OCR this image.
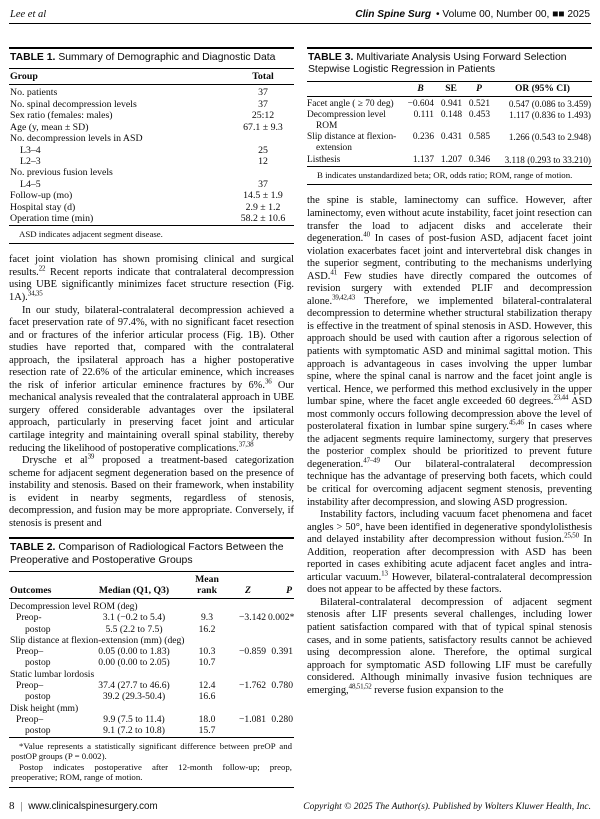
Lee et al	Clin Spine Surg • Volume 00, Number 00, ■■ 2025
TABLE 1. Summary of Demographic and Diagnostic Data
Group	Total
No. patients	37
No. spinal decompression levels	37
Sex ratio (females: males)	25:12
Age (y, mean ± SD)	67.1 ± 9.3
No. decompression levels in ASD	
L3–4	25
L2–3	12
No. previous fusion levels	
L4–5	37
Follow-up (mo)	14.5 ± 1.9
Hospital stay (d)	2.9 ± 1.2
Operation time (min)	58.2 ± 10.6

ASD indicates adjacent segment disease.

facet joint violation has shown promising clinical and surgical results.$^{22}$ Recent reports indicate that contralateral decompression using UBE significantly minimizes facet structure resection (Fig. 1A).$^{34,35}$

In our study, bilateral-contralateral decompression achieved a facet preservation rate of 97.4%, with no significant facet resection and or fractures of the inferior articular process (Fig. 1B). Other studies have reported that, compared with the contralateral approach, the ipsilateral approach has a higher postoperative resection rate of 22.6% of the articular eminence, which increases the risk of inferior articular eminence fractures by 6%.$^{36}$ Our mechanical analysis revealed that the contralateral approach in UBE surgery offered considerable advantages over the ipsilateral approach, particularly in preserving facet joint and articular cartilage integrity and maintaining overall spinal stability, thereby reducing the likelihood of postoperative complications.$^{37,38}$

Drysche et $al^{39}$ proposed a treatment-based categorization scheme for adjacent segment degeneration based on the presence of instability and stenosis. Based on their framework, when instability is evident in nearby segments, regardless of stenosis, decompression, and fusion may be more appropriate. Conversely, if stenosis is present and

TABLE 2. Comparison of Radiological Factors Between the Preoperative and Postoperative Groups
Outcomes	Median (Q1, Q3)	Mean rank	Z	P
Decompression level ROM (deg)				
Preop-	3.1 (−0.2 to 5.4)	9.3	−3.142	0.002*
postop	5.5 (2.2 to 7.5)	16.2		
Slip distance at flexion-extension (mm) (deg)				
Preop–	0.05 (0.00 to 1.83)	10.3	−0.859	0.391
postop	0.00 (0.00 to 2.05)	10.7		
Static lumbar lordosis				
Preop–	37.4 (27.7 to 46.6)	12.4	−1.762	0.780
postop	39.2 (29.3-50.4)	16.6		
Disk height (mm)				
Preop–	9.9 (7.5 to 11.4)	18.0	−1.081	0.280
postop	9.1 (7.2 to 10.8)	15.7		

*Value represents a statistically significant difference between preOP and postOP groups (P = 0.002).

Postop indicates postoperative after 12-month follow-up; preop, preoperative; ROM, range of motion.

TABLE 3. Multivariate Analysis Using Forward Selection Stepwise Logistic Regression in Patients
	B	SE	P	OR (95% CI)
Facet angle ( ≥ 70 deg)	−0.604	0.941	0.521	0.547 (0.086 to 3.459)
Decompression level ROM	0.111	0.148	0.453	1.117 (0.836 to 1.493)
Slip distance at flexion-extension	0.236	0.431	0.585	1.266 (0.543 to 2.948)
Listhesis	1.137	1.207	0.346	3.118 (0.293 to 33.210)

B indicates unstandardized beta; OR, odds ratio; ROM, range of motion.

the spine is stable, laminectomy can suffice. However, after laminectomy, even without acute instability, facet joint resection can transfer the load to adjacent disks and accelerate their degeneration.$^{40}$ In cases of post-fusion ASD, adjacent facet joint violation exacerbates facet joint and intervertebral disk changes in the superior segment, contributing to the mechanisms underlying ASD.$^{41}$ Few studies have directly compared the outcomes of revision surgery with extended PLIF and decompression alone.$^{39,42,43}$ Therefore, we implemented bilateral-contralateral decompression to determine whether structural stabilization therapy is effective in the treatment of spinal stenosis in ASD. However, this approach should be used with caution after a rigorous selection of patients with symptomatic ASD and minimal sagittal motion. This approach is advantageous in cases involving the upper lumbar spine, where the spinal canal is narrow and the facet joint angle is vertical. Hence, we performed this method exclusively in the upper lumbar spine, where the facet angle exceeded 60 degrees.$^{23,44}$ ASD most commonly occurs following decompression above the level of posterolateral fixation in lumbar spine surgery.$^{45,46}$ In cases where the adjacent segments require laminectomy, surgery that preserves the posterior complex should be prioritized to prevent future degeneration.$^{47-49}$ Our bilateral-contralateral decompression technique has the advantage of preserving both facets, which could be critical for overcoming adjacent segment stenosis, preventing instability after decompression, and slowing ASD progression.

Instability factors, including vacuum facet phenomena and facet angles > 50°, have been identified in degenerative spondylolisthesis and delayed instability after decompression without fusion.$^{25,50}$ In Addition, reoperation after decompression with ASD has been reported in cases exhibiting acute adjacent facet angles and intra-articular vacuum.$^{13}$ However, bilateral-contralateral decompression does not appear to be affected by these factors.

Bilateral-contralateral decompression of adjacent segment stenosis after LIF presents several challenges, including lower patient satisfaction compared with that of typical spinal stenosis cases, and in some patients, satisfactory results cannot be achieved using decompression alone. Therefore, the optimal surgical approach for symptomatic ASD following LIF must be carefully considered. Although minimally invasive fusion techniques are emerging,$^{48,51,52}$ reverse fusion expansion to the

8 | www.clinicalspinesurgery.com	Copyright © 2025 The Author(s). Published by Wolters Kluwer Health, Inc.
